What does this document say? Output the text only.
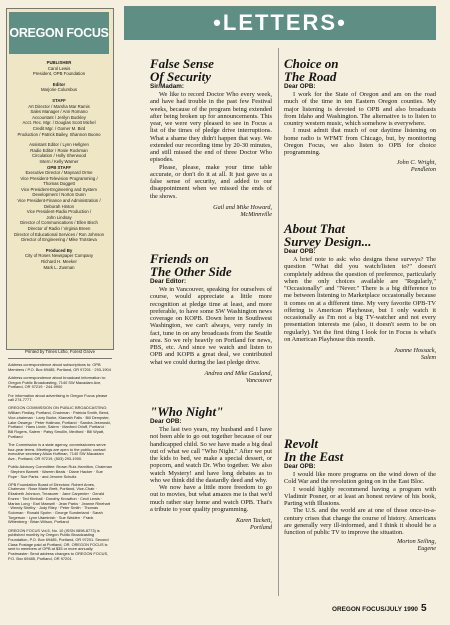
OREGON FOCUS
PUBLISHER
Carol Lewis
President, OPB Foundation
Editor
Marjorie Columbus
STAFF
Art Director / Marsha Mar Ramis
Sales Manager / Ann Romano
Accountant / Jerilyn Buckley
Acct. Rec. Mgr. / Douglas Scott Michel
Credit Mgr. / Gomer M. Bird
Production / Patrick Bailey, Shannon Buono
Assistant Editor / Lynn Hellgren
Radio Editor / Rosie Rockman
Circulation / Holly Sherwood
Intern / Kelly Warner
OPB STAFF
Executive Director / Maynard Orme
Vice President-Television Programming /
Thomas Doggett
Vice President-Engineering and System
Development / Norton Dunn
Vice President-Finance and Administration /
Deborah Hinton
Vice President-Radio Production /
John Lindsay
Director of Communications / Ellen Bisch
Director of Radio / Virginia Breen
Director of Educational Services / Ron Johnson
Director of Engineering / Mike Trotsteva
Produced By
City of Roses Newspaper Company
Richard H. Meeker
Mark L. Zusman
Printed by Times Litho, Forest Grove

Address correspondence about subscriptions to: OPB Members / P.O. Box 69485, Portland, OR 97201 · 293-1904

Address correspondence about broadcast information to: Oregon Public Broadcasting, 7140 SW Macadam Ave, Portland, OR 97219 · 244-9900

For information about advertising in Oregon Focus please call 274-7777.

OREGON COMMISSION ON PUBLIC BROADCASTING: William Findlay, Portland, Chairman · Patricia Smith, Bend, Vice-chairman · Larry Burke, Klamath Falls · Bill Dempster, Lake Oswego · Peter Hallman, Portland · Sandra Jesmoski, Portland · Hans Linde, Salem · Manford Orloff, Portland · Bill Rogers, Salem · Patsy Smullin, Medford · Bill Wyatt, Portland

The Commission is a state agency, commissioners serve four-year terms. Meetings are open to the public; contact executive secretary Alicia Huffman, 7140 SW Macadam Ave., Portland, OR 97219, (503) 293-1900.

Public Advisory Committee: Brown Ruiz-Hamilton, Chairman · Stephen Barnett · Warren Beals · Diane Hacker · Sue Pope · Sue Parks · and Jerome Schultz.

OPB Foundation Board of Directors: Robert Ames, Chairman · Rose Marie Brett, Portland, Vice-Chair · Elizabeth Johnson, Treasurer · Jane Carpenter · Gerald Enzen · Ted Kimball · Dorothy Knowlton · Cecil Lewis · Marian Long · Earl Maxwell · Jean Parks · Jeanne Rinehart · Wendy Shelby · Judy Riley · Peter Smith · Thomas Soloman · Ronald Spohn · George Sunderland · Sarah Torgerson · Lynn Utaminish · Sue Walden · Frank Wittenberg · Brian Wilson, Portland

OREGON FOCUS Vol.5, No. 10 (ISSN 0898-8773) is published monthly by Oregon Public Broadcasting Foundation, P.O. Box 69485, Portland, OR 97201. Second Class Postage paid at Portland, OR. OREGON FOCUS is sent to members of OPB at $35 or more annually. Postmaster: Send address changes to OREGON FOCUS, P.O. Box 69485, Portland, OR 97201.

•LETTERS•
False Sense
Of Security
Sir/Madam:

We like to record Doctor Who every week, and have had trouble in the past few Festival weeks, because of the program being extended after being broken up for announcements. This year, we were very pleased to see in Focus a list of the times of pledge drive interruptions. What a shame they didn't happen that way. We extended our recording time by 20-30 minutes, and still missed the end of three Doctor Who episodes.

Please, please, make your time table accurate, or don't do it at all. It just gave us a false sense of security, and added to our disappointment when we missed the ends of the shows.

Gail and Mike Howard,
McMinnville
Friends on
The Other Side
Dear Editor:

We in Vancouver, speaking for ourselves of course, would appreciate a little more recognition at pledge time at least, and more preferable, to have some SW Washington news coverage on KOPB. Down here in Southwest Washington, we can't always, very rarely in fact, tune in on any broadcasts from the Seattle area. So we rely heavily on Portland for news, PBS, etc. And since we watch and listen to OPB and KOPB a great deal, we contributed what we could during the last pledge drive.

Andrea and Mike Gauland,
Vancouver
"Who Night"
Dear OPB:

The last two years, my husband and I have not been able to go out together because of our handicapped child. So we have made a big deal out of what we call "Who Night." After we put the kids to bed, we make a special dessert, or popcorn, and watch Dr. Who together. We also watch Mystery! and have long debates as to who we think did the dastardly deed and why.

We now have a little more freedom to go out to movies, but what amazes me is that we'd much rather stay home and watch OPB. That's a tribute to your quality programming.

Karen Tackett,
Portland
Choice on
The Road
Dear OPB:

I work for the State of Oregon and am on the road much of the time in ten Eastern Oregon counties. My major listening is devoted to OPB and also broadcasts from Idaho and Washington. The alternative is to listen to country western music, which somehow is everywhere.

I must admit that much of our daytime listening on home radio is WFMT from Chicago, but, by monitoring Oregon Focus, we also listen to OPB for choice programming.

John C. Wright,
Pendleton
About That
Survey Design...
Dear OPB:

A brief note to ask: who designs these surveys? The question "What did you watch/listen to?" doesn't completely address the question of preference, particularly when the only choices available are "Regularly," "Occasionally" and "Never." There is a big difference to me between listening to Marketplace occasionally because it comes on at a different time. My very favorite OPB-TV offering is American Playhouse, but I only watch it occasionally as I'm not a big TV-watcher and not every presentation interests me (also, it doesn't seem to be on regularly). Yet the first thing I look for in Focus is what's on American Playhouse this month.

Joanne Hossack,
Salem
Revolt
In the East
Dear OPB:

I would like more programs on the wind down of the Cold War and the revolution going on in the East Bloc.

I would highly recommend having a program with Vladimir Posner, or at least an honest review of his book, Parting with Illusions.

The U.S. and the world are at one of those once-in-a-century crises that change the course of history. Americans are generally very ill-informed, and I think it should be a function of public TV to improve the situation.

Morton Seiling,
Eugene
OREGON FOCUS/JULY 1990 5
